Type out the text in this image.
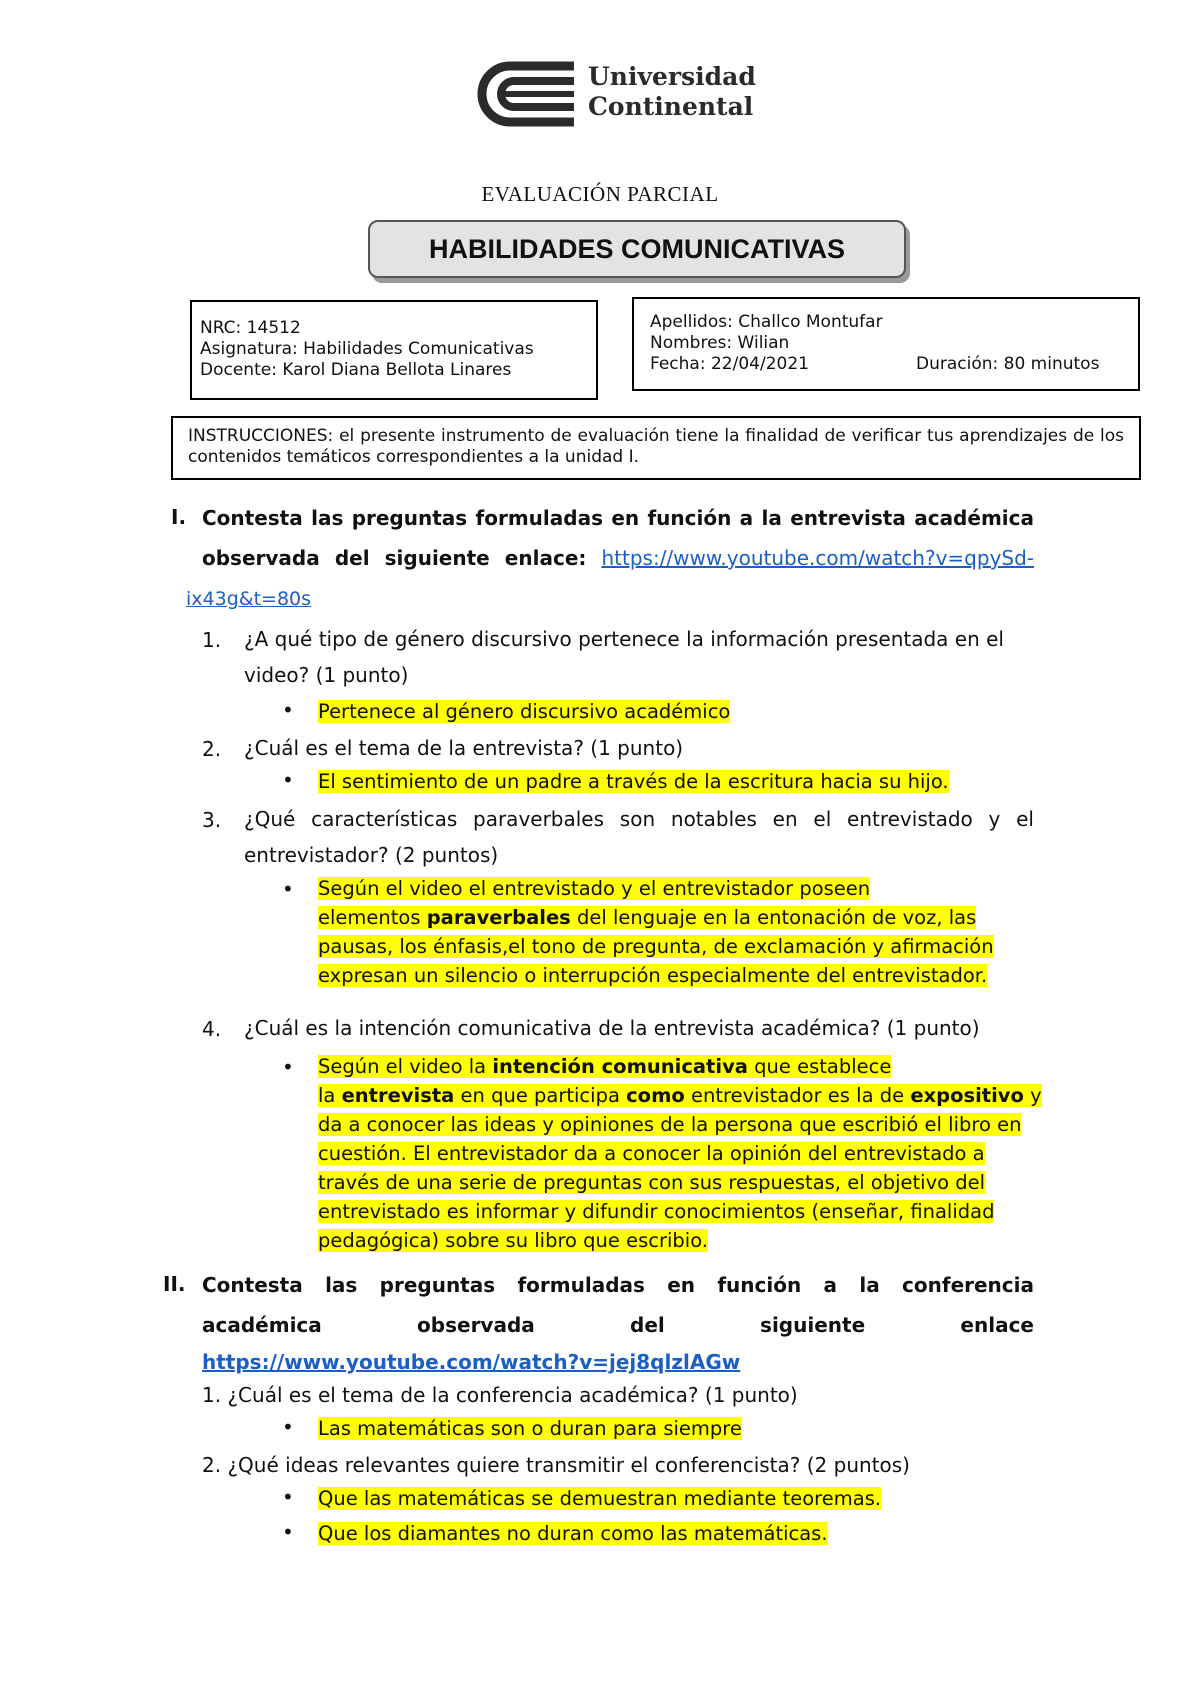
Universidad
Continental
EVALUACIÓN PARCIAL
HABILIDADES COMUNICATIVAS
NRC: 14512
Asignatura: Habilidades Comunicativas
Docente: Karol Diana Bellota Linares
Apellidos: Challco Montufar
Nombres: Wilian
Fecha: 22/04/2021	Duración: 80 minutos
INSTRUCCIONES: el presente instrumento de evaluación tiene la finalidad de verificar tus aprendizajes de los contenidos temáticos correspondientes a la unidad I.
I. Contesta las preguntas formuladas en función a la entrevista académica
observada del siguiente enlace: https://www.youtube.com/watch?v=qpySd-
ix43g&t=80s
1. ¿A qué tipo de género discursivo pertenece la información presentada en el
video? (1 punto)
• Pertenece al género discursivo académico
2. ¿Cuál es el tema de la entrevista? (1 punto)
• El sentimiento de un padre a través de la escritura hacia su hijo.
3. ¿Qué características paraverbales son notables en el entrevistado y el
entrevistador? (2 puntos)
• Según el video el entrevistado y el entrevistador poseen
elementos paraverbales del lenguaje en la entonación de voz, las
pausas, los énfasis,el tono de pregunta, de exclamación y afirmación
expresan un silencio o interrupción especialmente del entrevistador.
4. ¿Cuál es la intención comunicativa de la entrevista académica? (1 punto)
• Según el video la intención comunicativa que establece
la entrevista en que participa como entrevistador es la de expositivo y
da a conocer las ideas y opiniones de la persona que escribió el libro en
cuestión. El entrevistador da a conocer la opinión del entrevistado a
través de una serie de preguntas con sus respuestas, el objetivo del
entrevistado es informar y difundir conocimientos (enseñar, finalidad
pedagógica) sobre su libro que escribio.
II. Contesta las preguntas formuladas en función a la conferencia
académica observada del siguiente enlace
https://www.youtube.com/watch?v=jej8qlzlAGw
1. ¿Cuál es el tema de la conferencia académica? (1 punto)
• Las matemáticas son o duran para siempre
2. ¿Qué ideas relevantes quiere transmitir el conferencista? (2 puntos)
• Que las matemáticas se demuestran mediante teoremas.
• Que los diamantes no duran como las matemáticas.
